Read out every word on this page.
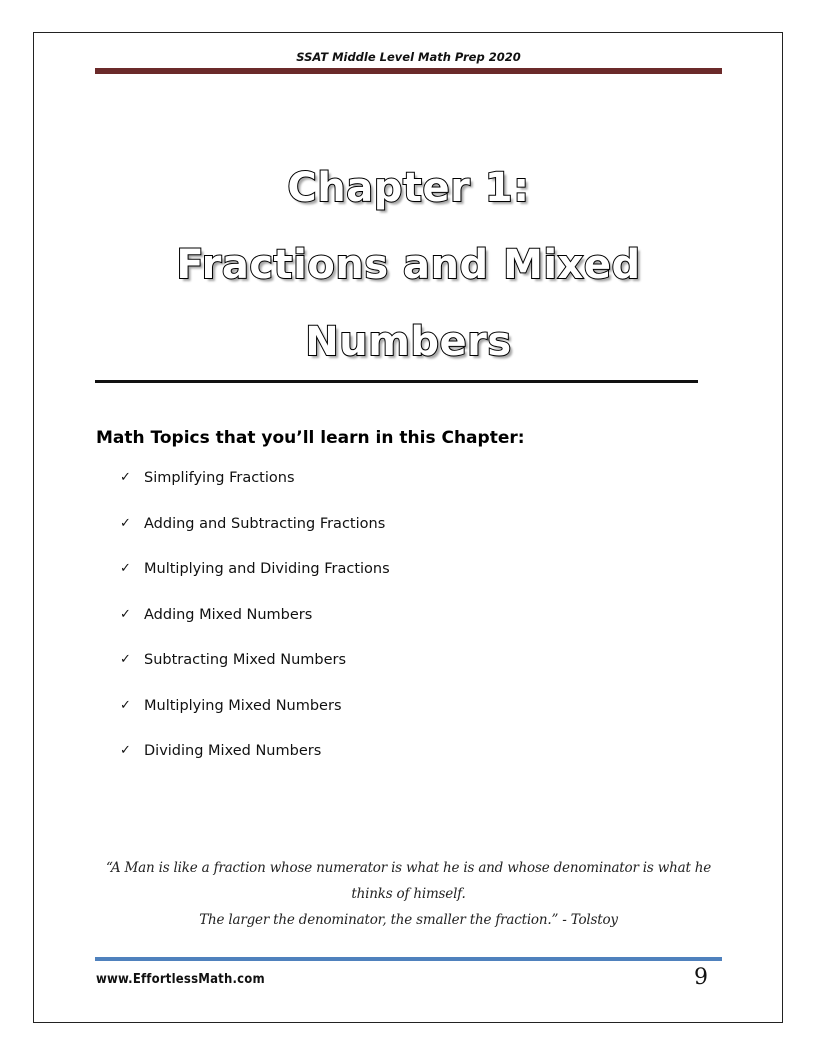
SSAT Middle Level Math Prep 2020
Chapter 1:
Fractions and Mixed
Numbers
Math Topics that you’ll learn in this Chapter:
✓ Simplifying Fractions
✓ Adding and Subtracting Fractions
✓ Multiplying and Dividing Fractions
✓ Adding Mixed Numbers
✓ Subtracting Mixed Numbers
✓ Multiplying Mixed Numbers
✓ Dividing Mixed Numbers
“A Man is like a fraction whose numerator is what he is and whose denominator is what he thinks of himself.
The larger the denominator, the smaller the fraction.” - Tolstoy
www.EffortlessMath.com	9
